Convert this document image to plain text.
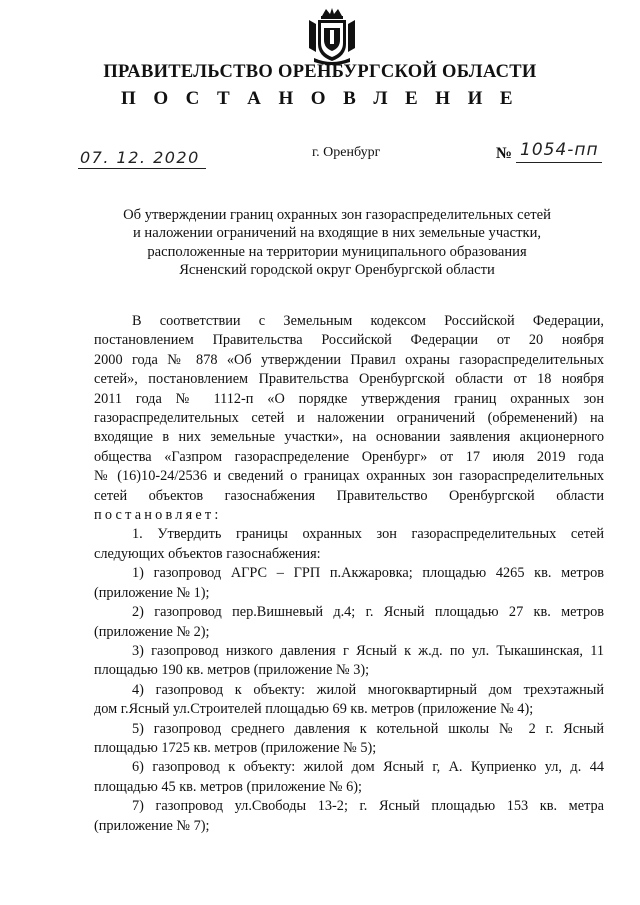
ПРАВИТЕЛЬСТВО ОРЕНБУРГСКОЙ ОБЛАСТИ
П О С Т А Н О В Л Е Н И Е
07. 12. 2020	г. Оренбург	№ 1054-пп
Об утверждении границ охранных зон газораспределительных сетей
и наложении ограничений на входящие в них земельные участки,
расположенные на территории муниципального образования
Ясненский городской округ Оренбургской области
В соответствии с Земельным кодексом Российской Федерации,
постановлением Правительства Российской Федерации от 20 ноября
2000 года № 878 «Об утверждении Правил охраны газораспределительных
сетей», постановлением Правительства Оренбургской области от 18 ноября
2011 года № 1112-п «О порядке утверждения границ охранных зон
газораспределительных сетей и наложении ограничений (обременений) на
входящие в них земельные участки», на основании заявления акционерного
общества «Газпром газораспределение Оренбург» от 17 июля 2019 года
№ (16)10-24/2536 и сведений о границах охранных зон газораспределительных
сетей объектов газоснабжения Правительство Оренбургской области
постановляет:
1. Утвердить границы охранных зон газораспределительных сетей
следующих объектов газоснабжения:
1) газопровод АГРС – ГРП п.Акжаровка; площадью 4265 кв. метров
(приложение № 1);
2) газопровод пер.Вишневый д.4; г. Ясный площадью 27 кв. метров
(приложение № 2);
3) газопровод низкого давления г Ясный к ж.д. по ул. Тыкашинская, 11
площадью 190 кв. метров (приложение № 3);
4) газопровод к объекту: жилой многоквартирный дом трехэтажный
дом г.Ясный ул.Строителей площадью 69 кв. метров (приложение № 4);
5) газопровод среднего давления к котельной школы № 2 г. Ясный
площадью 1725 кв. метров (приложение № 5);
6) газопровод к объекту: жилой дом Ясный г, А. Куприенко ул, д. 44
площадью 45 кв. метров (приложение № 6);
7) газопровод ул.Свободы 13-2; г. Ясный площадью 153 кв. метра
(приложение № 7);
